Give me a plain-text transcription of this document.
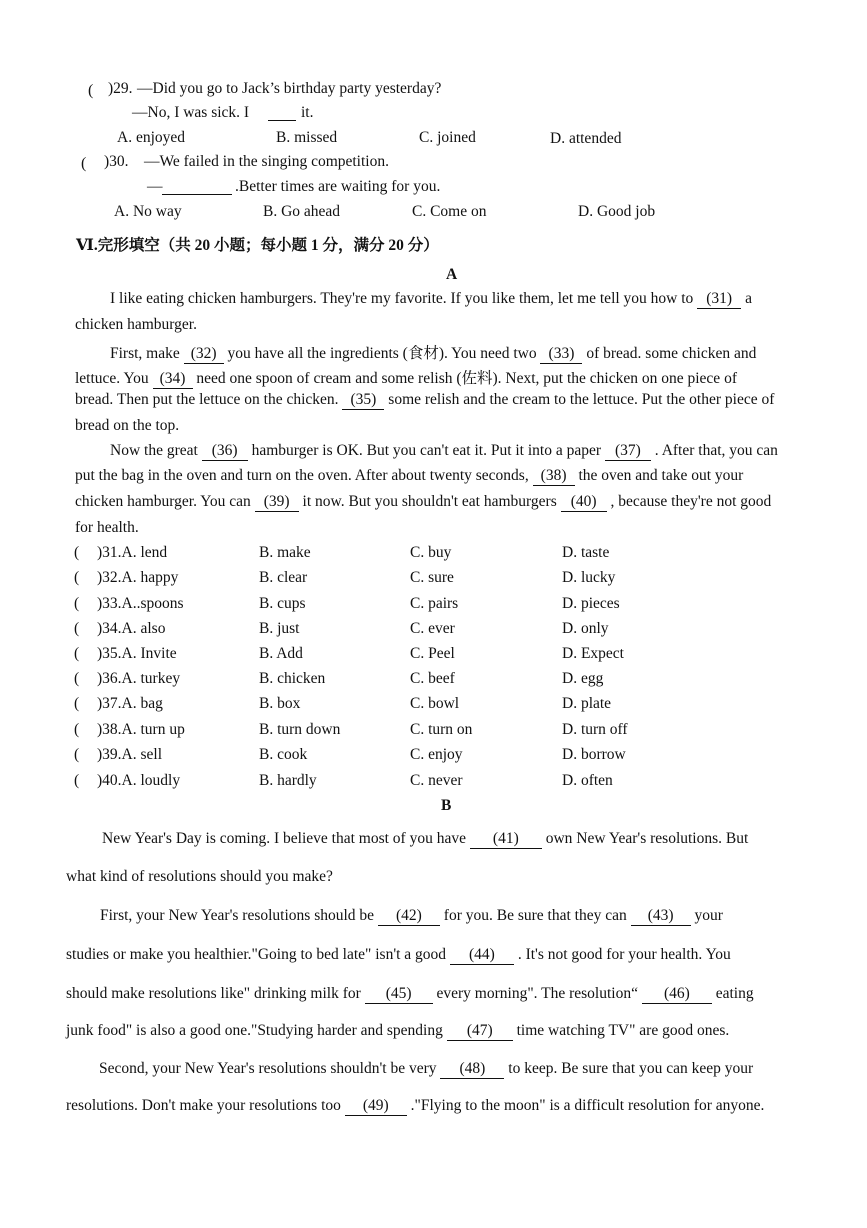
( )29. —Did you go to Jack’s birthday party yesterday?
—No, I was sick. I
	it.
A. enjoyed	B. missed	C. joined	D. attended
( )30. —We failed in the singing competition.
—
	.Better times are waiting for you.
A. No way	B. Go ahead	C. Come on	D. Good job
Ⅵ.完形填空（共 20 小题；每小题 1 分，满分 20 分）
A
I like eating chicken hamburgers. They're my favorite. If you like them, let me tell you how to (31) a
chicken hamburger.
First, make (32) you have all the ingredients (食材). You need two (33) of bread. some chicken and
lettuce. You (34) need one spoon of cream and some relish (佐料). Next, put the chicken on one piece of
bread. Then put the lettuce on the chicken. (35) some relish and the cream to the lettuce. Put the other piece of
bread on the top.
Now the great (36) hamburger is OK. But you can't eat it. Put it into a paper (37) . After that, you can
put the bag in the oven and turn on the oven. After about twenty seconds, (38) the oven and take out your
chicken hamburger. You can (39) it now. But you shouldn't eat hamburgers (40) , because they're not good
for health.
( )31.A. lend	B. make	C. buy	D. taste
( )32.A. happy	B. clear	C. sure	D. lucky
( )33.A..spoons	B. cups	C. pairs	D. pieces
( )34.A. also	B. just	C. ever	D. only
( )35.A. Invite	B. Add	C. Peel	D. Expect
( )36.A. turkey	B. chicken	C. beef	D. egg
( )37.A. bag	B. box	C. bowl	D. plate
( )38.A. turn up	B. turn down	C. turn on	D. turn off
( )39.A. sell	B. cook	C. enjoy	D. borrow
( )40.A. loudly	B. hardly	C. never	D. often
B
New Year's Day is coming. I believe that most of you have (41) own New Year's resolutions. But
what kind of resolutions should you make?
First, your New Year's resolutions should be (42) for you. Be sure that they can (43) your
studies or make you healthier."Going to bed late" isn't a good (44) . It's not good for your health. You
should make resolutions like" drinking milk for (45) every morning". The resolution“ (46) eating
junk food" is also a good one."Studying harder and spending (47) time watching TV" are good ones.
Second, your New Year's resolutions shouldn't be very (48) to keep. Be sure that you can keep your
resolutions. Don't make your resolutions too (49) ."Flying to the moon" is a difficult resolution for anyone.
